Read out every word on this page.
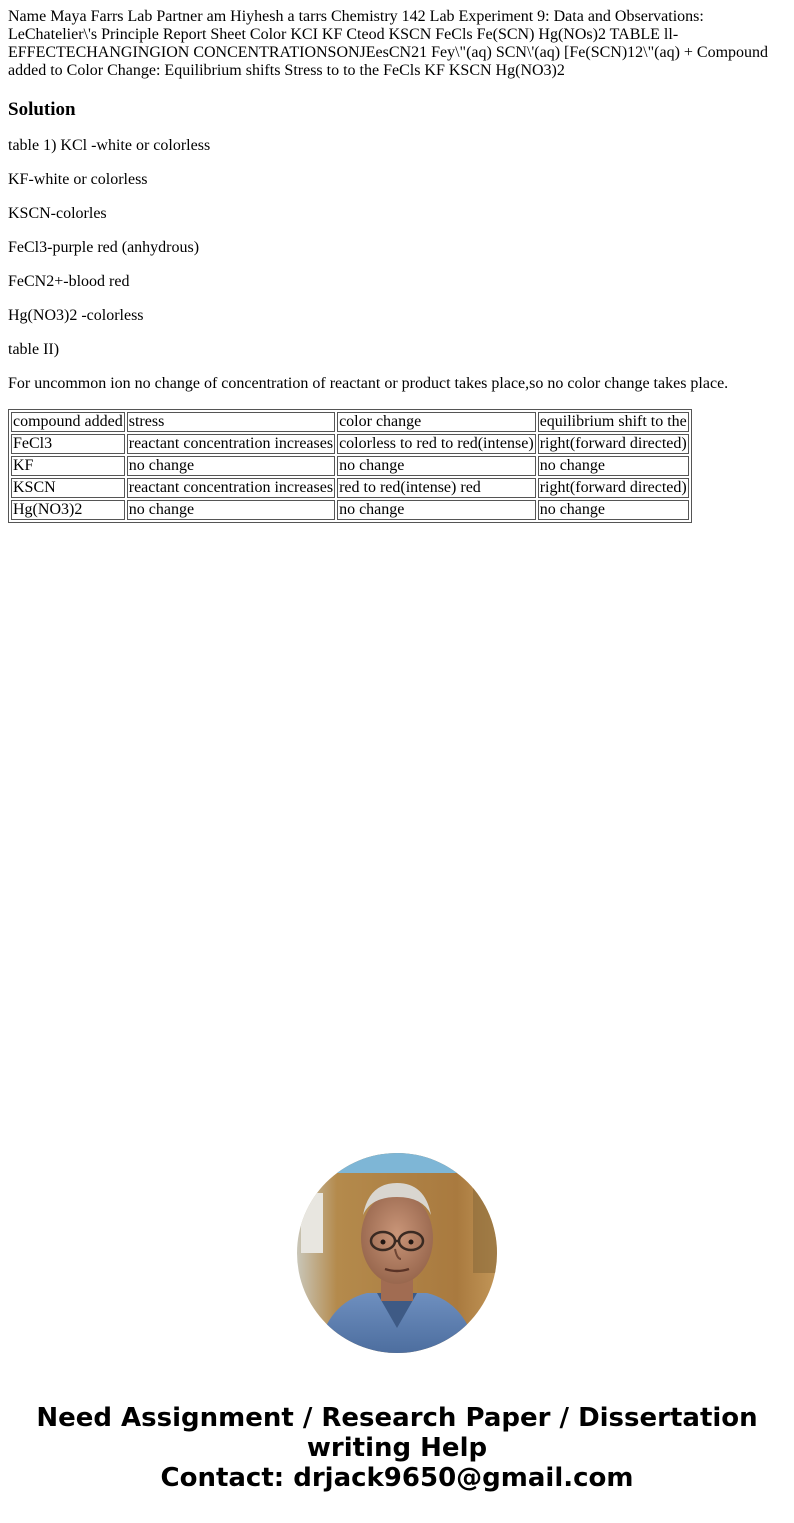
Name Maya Farrs Lab Partner am Hiyhesh a tarrs Chemistry 142 Lab Experiment 9: Data and Observations: LeChatelier\'s Principle Report Sheet Color KCI KF Cteod KSCN FeCls Fe(SCN) Hg(NOs)2 TABLE ll- EFFECTECHANGINGION CONCENTRATIONSONJEesCN21 Fey\"(aq) SCN\'(aq) [Fe(SCN)12\"(aq) + Compound added to Color Change: Equilibrium shifts Stress to to the FeCls KF KSCN Hg(NO3)2

Solution

table 1) KCl -white or colorless

KF-white or colorless

KSCN-colorles

FeCl3-purple red (anhydrous)

FeCN2+-blood red

Hg(NO3)2 -colorless

table II)

For uncommon ion no change of concentration of reactant or product takes place,so no color change takes place.

compound added	stress	color change	equilibrium shift to the
FeCl3	reactant concentration increases	colorless to red to red(intense)	right(forward directed)
KF	no change	no change	no change
KSCN	reactant concentration increases	red to red(intense) red	right(forward directed)
Hg(NO3)2	no change	no change	no change
Need Assignment / Research Paper / Dissertation
writing Help
Contact: drjack9650@gmail.com
